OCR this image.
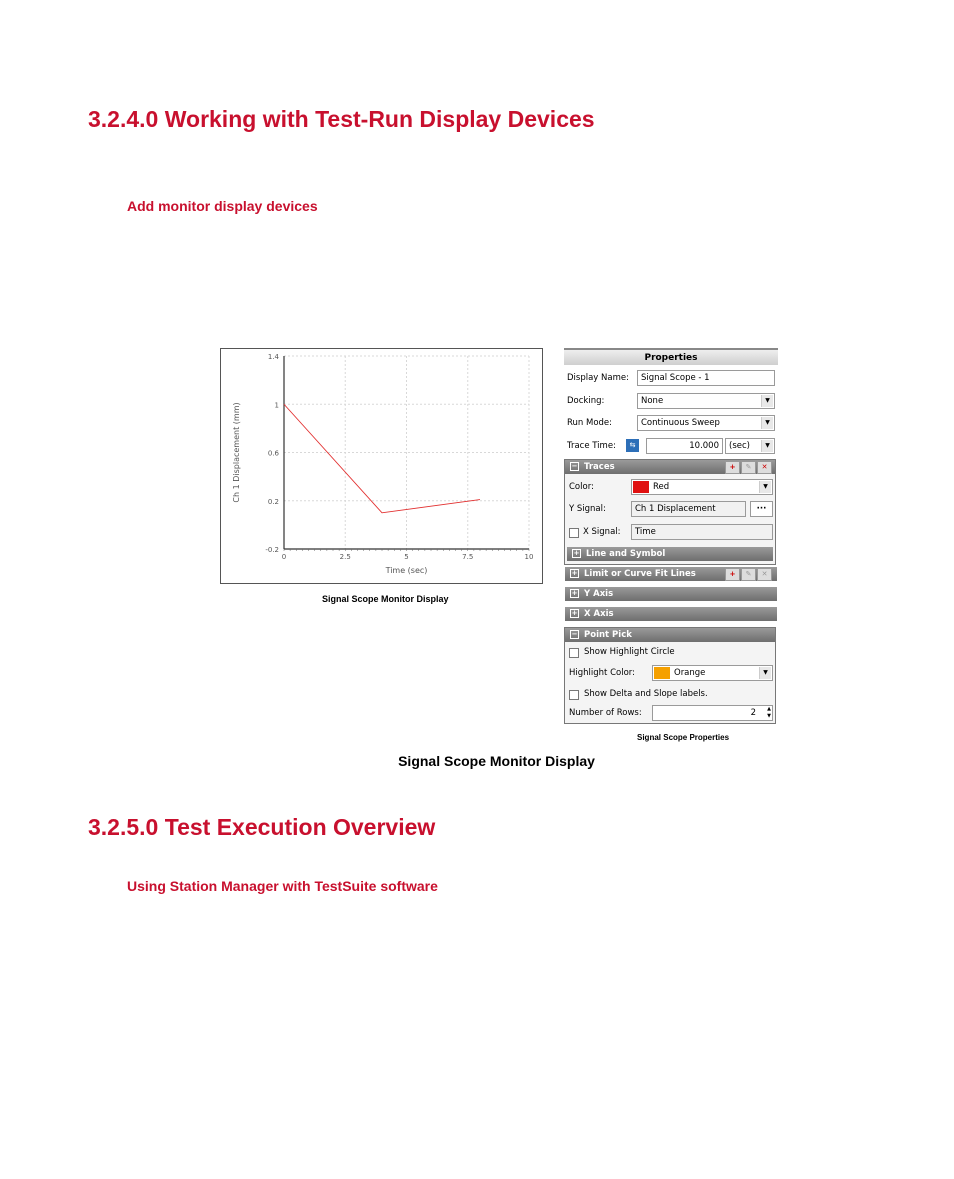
3.2.4.0 Working with Test-Run Display Devices
Add monitor display devices
0	2.5	5	7.5	10
1.4
1
0.6
0.2
-0.2
Time (sec)
Ch 1 Displacement (mm)
Signal Scope Monitor Display
Properties
Display Name:	Signal Scope - 1
Docking:	None	▼
Run Mode:	Continuous Sweep	▼
Trace Time:	⇆	10.000	(sec)	▼
− Traces	+	✎	✕
Color:	Red	▼
Y Signal:	Ch 1 Displacement	···
X Signal:	Time
+ Line and Symbol
+ Limit or Curve Fit Lines	+	✎	✕
+ Y Axis
+ X Axis
− Point Pick
Show Highlight Circle
Highlight Color:	Orange	▼
Show Delta and Slope labels.
Number of Rows:	2 ▲
▼
Signal Scope Properties
Signal Scope Monitor Display
3.2.5.0 Test Execution Overview
Using Station Manager with TestSuite software
